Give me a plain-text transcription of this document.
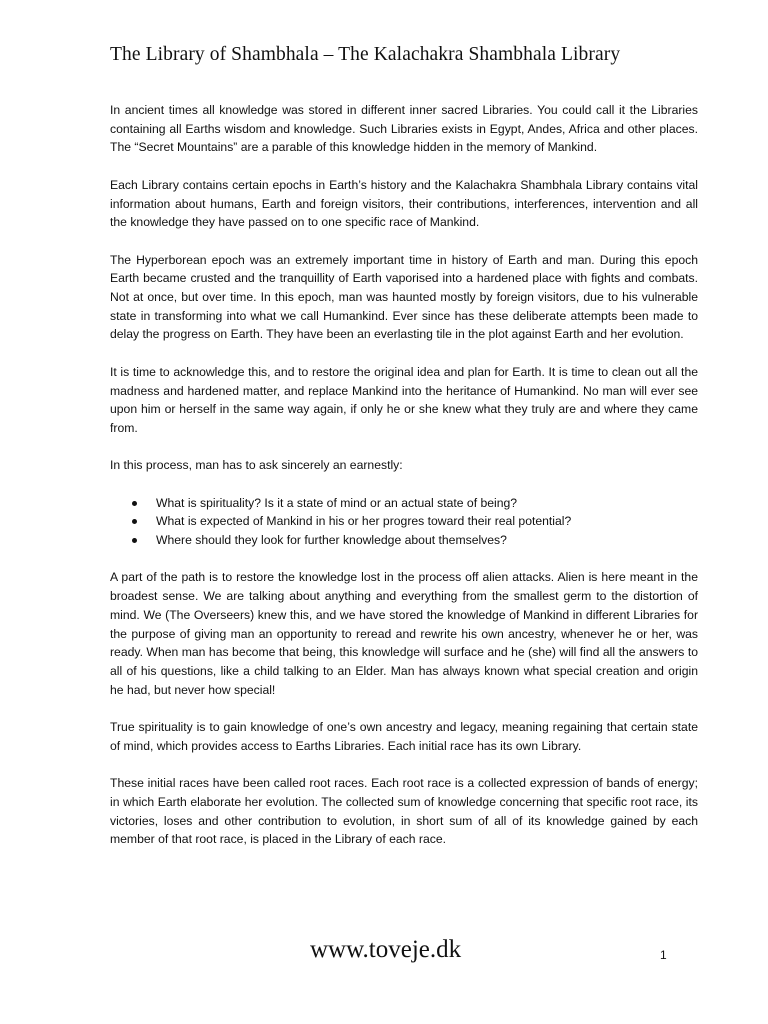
The Library of Shambhala – The Kalachakra Shambhala Library

In ancient times all knowledge was stored in different inner sacred Libraries. You could call it the Libraries containing all Earths wisdom and knowledge. Such Libraries exists in Egypt, Andes, Africa and other places. The “Secret Mountains” are a parable of this knowledge hidden in the memory of Mankind.

Each Library contains certain epochs in Earth’s history and the Kalachakra Shambhala Library contains vital information about humans, Earth and foreign visitors, their contributions, interferences, intervention and all the knowledge they have passed on to one specific race of Mankind.

The Hyperborean epoch was an extremely important time in history of Earth and man. During this epoch Earth became crusted and the tranquillity of Earth vaporised into a hardened place with fights and combats. Not at once, but over time. In this epoch, man was haunted mostly by foreign visitors, due to his vulnerable state in transforming into what we call Humankind. Ever since has these deliberate attempts been made to delay the progress on Earth. They have been an everlasting tile in the plot against Earth and her evolution.

It is time to acknowledge this, and to restore the original idea and plan for Earth. It is time to clean out all the madness and hardened matter, and replace Mankind into the heritance of Humankind. No man will ever see upon him or herself in the same way again, if only he or she knew what they truly are and where they came from.

In this process, man has to ask sincerely an earnestly:

What is spirituality? Is it a state of mind or an actual state of being?
What is expected of Mankind in his or her progres toward their real potential?
Where should they look for further knowledge about themselves?

A part of the path is to restore the knowledge lost in the process off alien attacks. Alien is here meant in the broadest sense. We are talking about anything and everything from the smallest germ to the distortion of mind. We (The Overseers) knew this, and we have stored the knowledge of Mankind in different Libraries for the purpose of giving man an opportunity to reread and rewrite his own ancestry, whenever he or her, was ready. When man has become that being, this knowledge will surface and he (she) will find all the answers to all of his questions, like a child talking to an Elder. Man has always known what special creation and origin he had, but never how special!

True spirituality is to gain knowledge of one’s own ancestry and legacy, meaning regaining that certain state of mind, which provides access to Earths Libraries. Each initial race has its own Library.

These initial races have been called root races. Each root race is a collected expression of bands of energy; in which Earth elaborate her evolution. The collected sum of knowledge concerning that specific root race, its victories, loses and other contribution to evolution, in short sum of all of its knowledge gained by each member of that root race, is placed in the Library of each race.

www.toveje.dk	1
